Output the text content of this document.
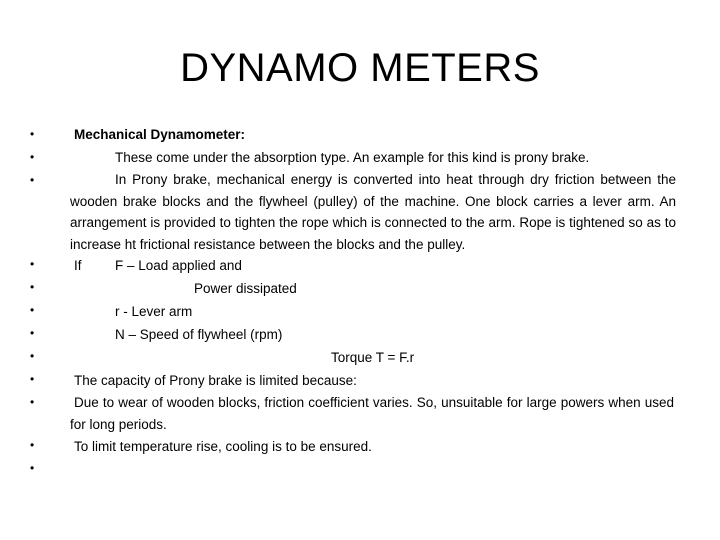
DYNAMO METERS
•
•
•
•
•
•
•
•
•
•
•
•
Mechanical Dynamometer:
These come under the absorption type. An example for this kind is prony brake.
In Prony brake, mechanical energy is converted into heat through dry friction between the wooden brake blocks and the flywheel (pulley) of the machine. One block carries a lever arm. An arrangement is provided to tighten the rope which is connected to the arm. Rope is tightened so as to increase ht frictional resistance between the blocks and the pulley.
If F – Load applied and
Power dissipated
r - Lever arm
N – Speed of flywheel (rpm)
Torque T = F.r
The capacity of Prony brake is limited because:
Due to wear of wooden blocks, friction coefficient varies. So, unsuitable for large powers when used for long periods.
To limit temperature rise, cooling is to be ensured.
